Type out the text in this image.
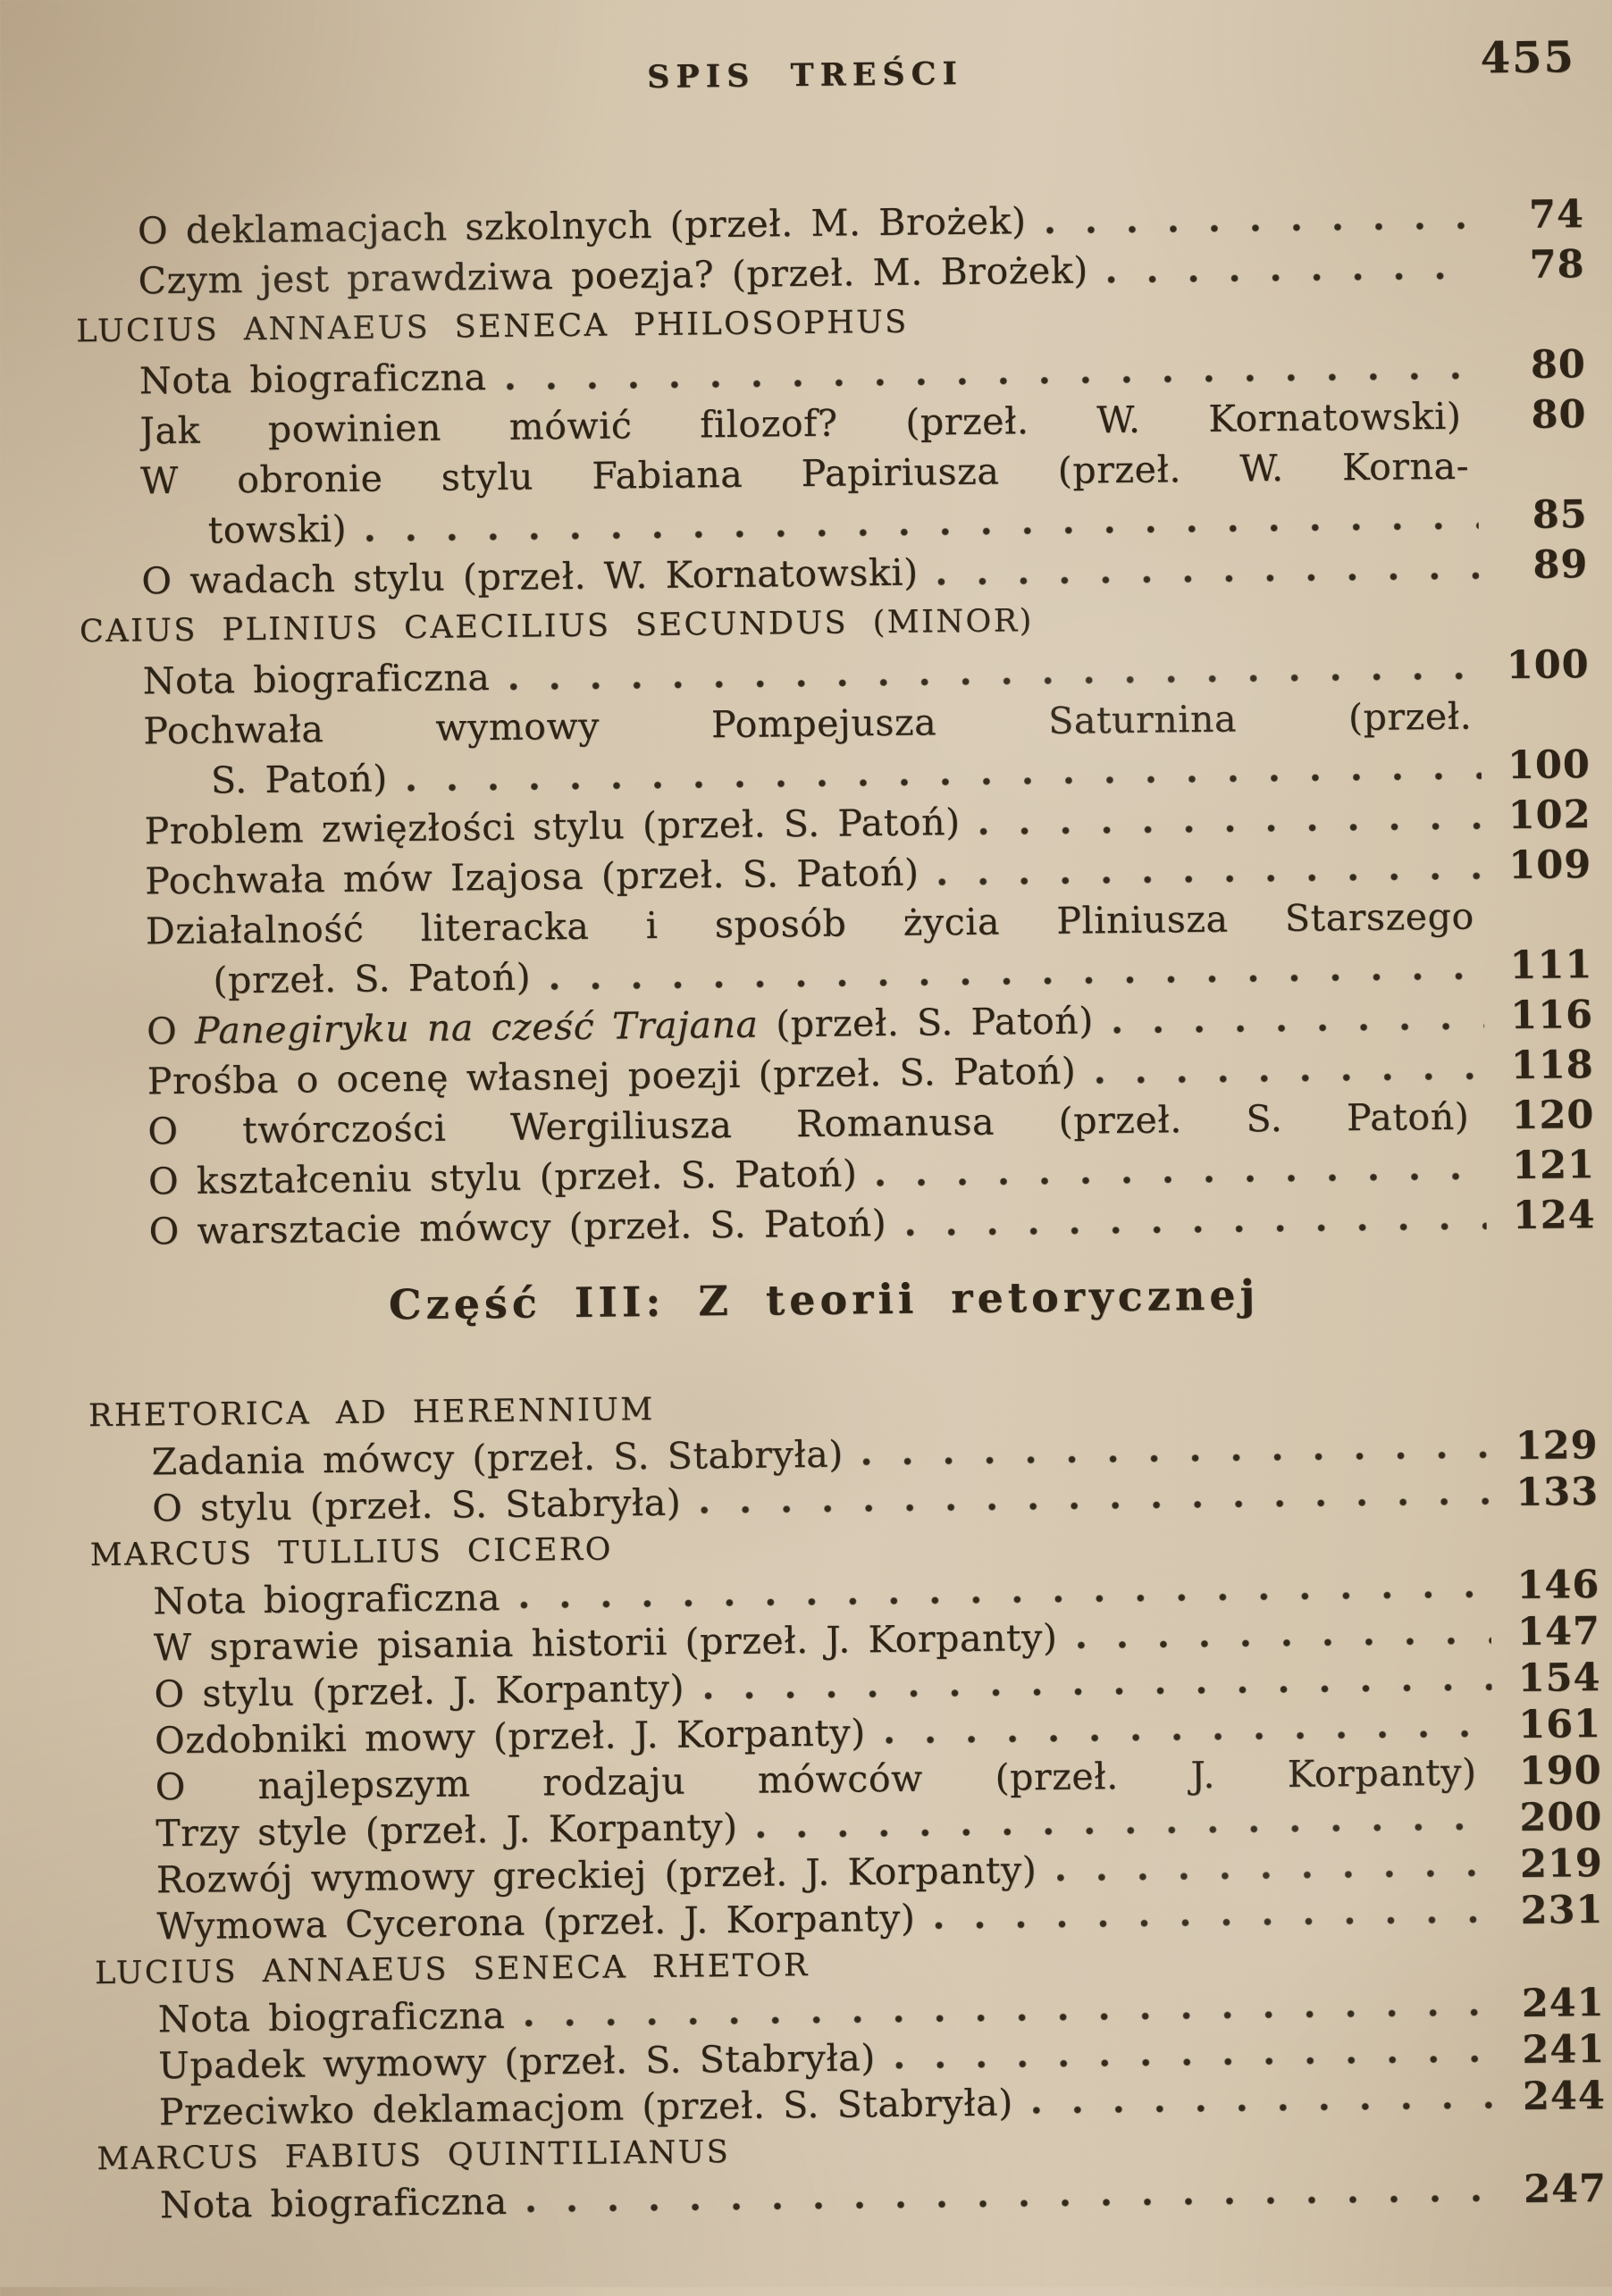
SPIS TREŚCI	455
O deklamacjach szkolnych (przeł. M. Brożek)	74
Czym jest prawdziwa poezja? (przeł. M. Brożek)	78
LUCIUS ANNAEUS SENECA PHILOSOPHUS
Nota biograficzna	80
Jak powinien mówić filozof? (przeł. W. Kornatowski)	80
W obronie stylu Fabiana Papiriusza (przeł. W. Korna-
towski)	85
O wadach stylu (przeł. W. Kornatowski)	89
CAIUS PLINIUS CAECILIUS SECUNDUS (MINOR)
Nota biograficzna	100
Pochwała wymowy Pompejusza Saturnina (przeł.
S. Patoń)	100
Problem zwięzłości stylu (przeł. S. Patoń)	102
Pochwała mów Izajosa (przeł. S. Patoń)	109
Działalność literacka i sposób życia Pliniusza Starszego
(przeł. S. Patoń)	111
O Panegiryku na cześć Trajana (przeł. S. Patoń)	116
Prośba o ocenę własnej poezji (przeł. S. Patoń)	118
O twórczości Wergiliusza Romanusa (przeł. S. Patoń)	120
O kształceniu stylu (przeł. S. Patoń)	121
O warsztacie mówcy (przeł. S. Patoń)	124
Część III: Z teorii retorycznej
RHETORICA AD HERENNIUM
Zadania mówcy (przeł. S. Stabryła)	129
O stylu (przeł. S. Stabryła)	133
MARCUS TULLIUS CICERO
Nota biograficzna	146
W sprawie pisania historii (przeł. J. Korpanty)	147
O stylu (przeł. J. Korpanty)	154
Ozdobniki mowy (przeł. J. Korpanty)	161
O najlepszym rodzaju mówców (przeł. J. Korpanty)	190
Trzy style (przeł. J. Korpanty)	200
Rozwój wymowy greckiej (przeł. J. Korpanty)	219
Wymowa Cycerona (przeł. J. Korpanty)	231
LUCIUS ANNAEUS SENECA RHETOR
Nota biograficzna	241
Upadek wymowy (przeł. S. Stabryła)	241
Przeciwko deklamacjom (przeł. S. Stabryła)	244
MARCUS FABIUS QUINTILIANUS
Nota biograficzna	247
